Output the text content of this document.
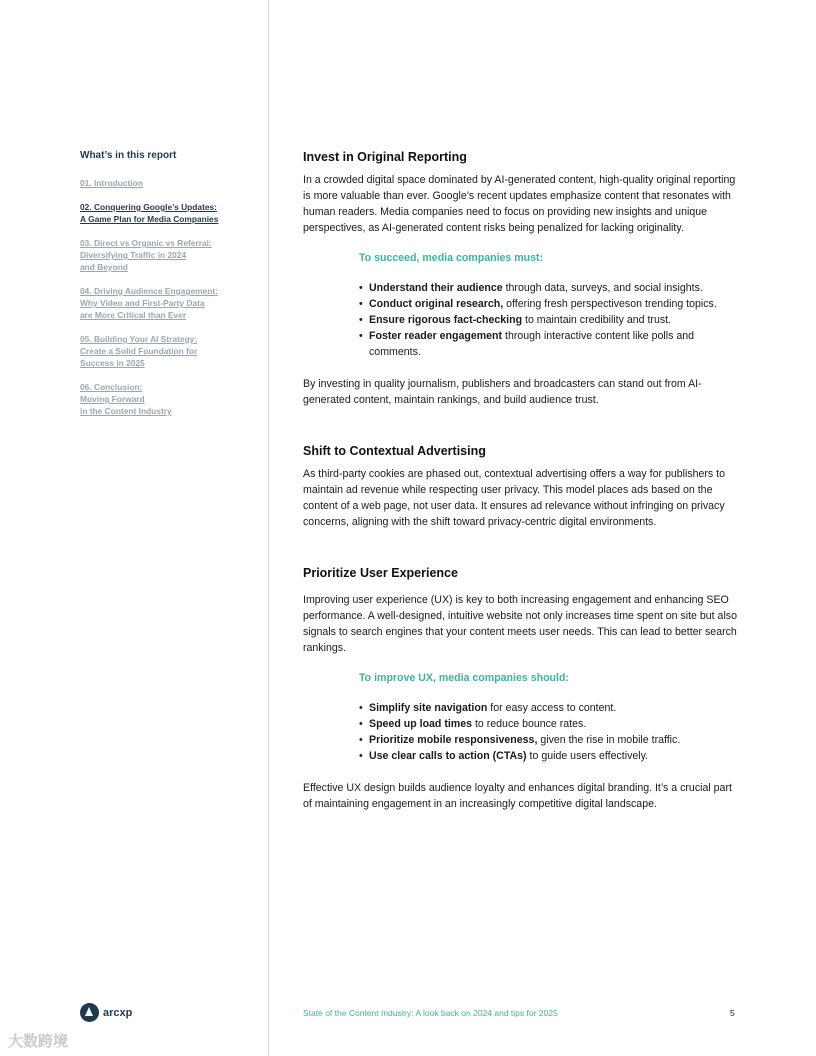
What’s in this report
01. Introduction
02. Conquering Google’s Updates:
A Game Plan for Media Companies
03. Direct vs Organic vs Referral:
Diversifying Traffic in 2024
and Beyond
04. Driving Audience Engagement:
Why Video and First-Party Data
are More Critical than Ever
05. Building Your AI Strategy:
Create a Solid Foundation for
Success in 2025
06. Conclusion:
Moving Forward
in the Content Industry
Invest in Original Reporting

In a crowded digital space dominated by AI-generated content, high-quality original reporting is more valuable than ever. Google’s recent updates emphasize content that resonates with human readers. Media companies need to focus on providing new insights and unique perspectives, as AI-generated content risks being penalized for lacking originality.

To succeed, media companies must:
• Understand their audience through data, surveys, and social insights.
• Conduct original research, offering fresh perspectiveson trending topics.
• Ensure rigorous fact-checking to maintain credibility and trust.
• Foster reader engagement through interactive content like polls and comments.

By investing in quality journalism, publishers and broadcasters can stand out from AI-generated content, maintain rankings, and build audience trust.

Shift to Contextual Advertising

As third-party cookies are phased out, contextual advertising offers a way for publishers to maintain ad revenue while respecting user privacy. This model places ads based on the content of a web page, not user data. It ensures ad relevance without infringing on privacy concerns, aligning with the shift toward privacy-centric digital environments.

Prioritize User Experience

Improving user experience (UX) is key to both increasing engagement and enhancing SEO performance. A well-designed, intuitive website not only increases time spent on site but also signals to search engines that your content meets user needs. This can lead to better search rankings.

To improve UX, media companies should:
• Simplify site navigation for easy access to content.
• Speed up load times to reduce bounce rates.
• Prioritize mobile responsiveness, given the rise in mobile traffic.
• Use clear calls to action (CTAs) to guide users effectively.

Effective UX design builds audience loyalty and enhances digital branding. It’s a crucial part of maintaining engagement in an increasingly competitive digital landscape.

arcxp	State of the Content Industry: A look back on 2024 and tips for 2025	5
大数跨境
